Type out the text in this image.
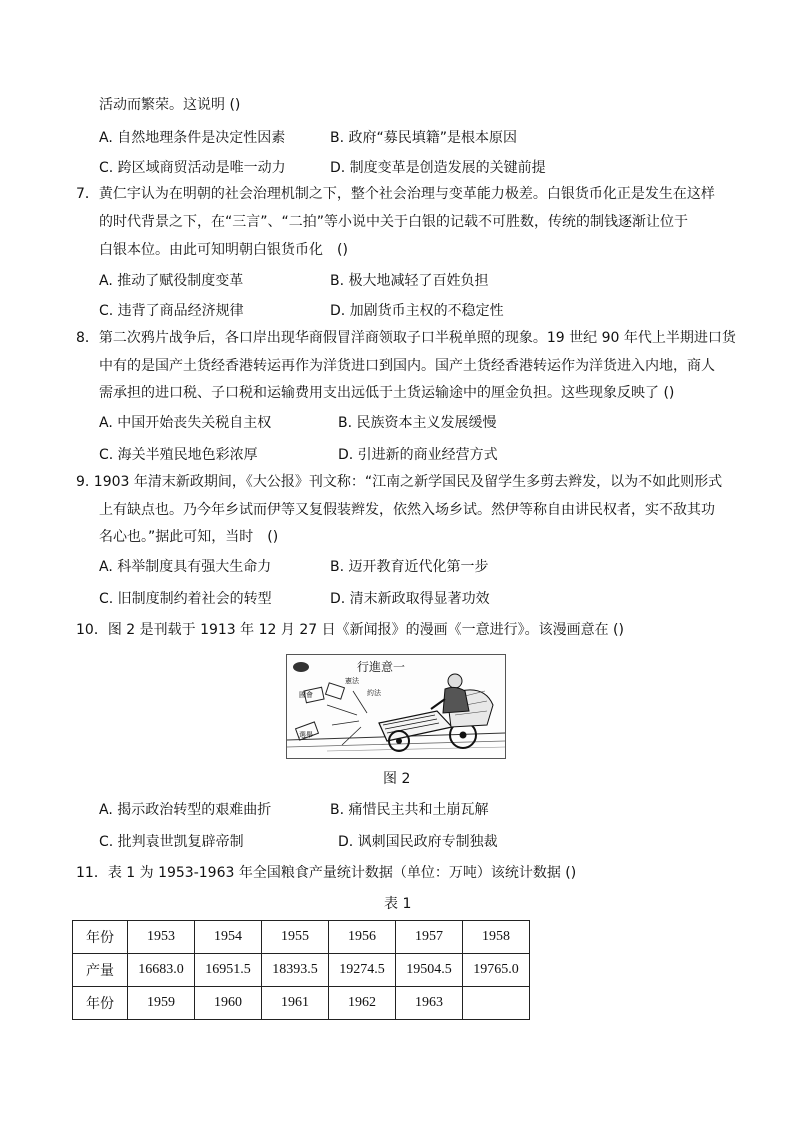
活动而繁荣。这说明 ()
A. 自然地理条件是决定性因素	B. 政府“募民填籍”是根本原因
C. 跨区域商贸活动是唯一动力	D. 制度变革是创造发展的关键前提
7．黄仁宇认为在明朝的社会治理机制之下，整个社会治理与变革能力极差。白银货币化正是发生在这样
的时代背景之下，在“三言”、“二拍”等小说中关于白银的记载不可胜数，传统的制钱逐渐让位于
白银本位。由此可知明朝白银货币化　()
A. 推动了赋役制度变革	B. 极大地减轻了百姓负担
C. 违背了商品经济规律	D. 加剧货币主权的不稳定性
8．第二次鸦片战争后，各口岸出现华商假冒洋商领取子口半税单照的现象。19 世纪 90 年代上半期进口货
中有的是国产土货经香港转运再作为洋货进口到国内。国产土货经香港转运作为洋货进入内地，商人
需承担的进口税、子口税和运输费用支出远低于土货运输途中的厘金负担。这些现象反映了 ()
A. 中国开始丧失关税自主权	B. 民族资本主义发展缓慢
C. 海关半殖民地色彩浓厚	D. 引进新的商业经营方式
9. 1903 年清末新政期间，《大公报》刊文称：“江南之新学国民及留学生多剪去辫发，以为不如此则形式
上有缺点也。乃今年乡试而伊等又复假装辫发，依然入场乡试。然伊等称自由讲民权者，实不敌其功
名心也。”据此可知，当时　()
A. 科举制度具有强大生命力	B. 迈开教育近代化第一步
C. 旧制度制约着社会的转型	D. 清末新政取得显著功效
10．图 2 是刊载于 1913 年 12 月 27 日《新闻报》的漫画《一意进行》。该漫画意在 ()
行進意一
國會
憲法
約法
選舉
图 2
A. 揭示政治转型的艰难曲折	B. 痛惜民主共和土崩瓦解
C. 批判袁世凯复辟帝制	D. 讽刺国民政府专制独裁
11．表 1 为 1953-1963 年全国粮食产量统计数据（单位：万吨）该统计数据 ()
表 1
年份	1953	1954	1955	1956	1957	1958
产量	16683.0	16951.5	18393.5	19274.5	19504.5	19765.0
年份	1959	1960	1961	1962	1963	
